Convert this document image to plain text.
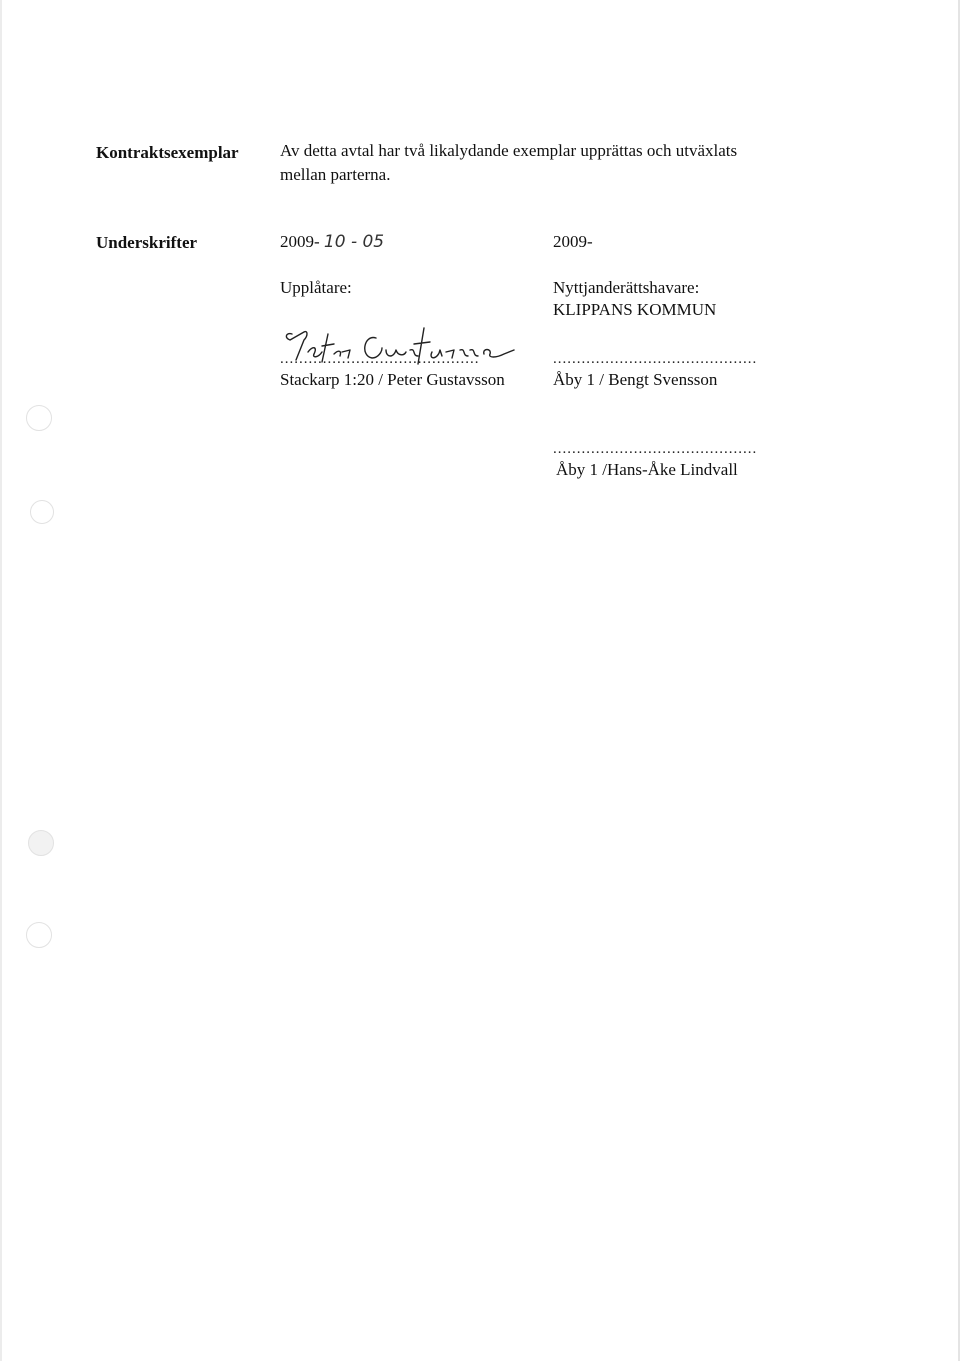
Kontraktsexemplar Av detta avtal har två likalydande exemplar upprättas och utväxlats
mellan parterna.
Underskrifter	2009- 10 - 05
Upplåtare:
..........................................
Stackarp 1:20 / Peter Gustavsson
2009-
Nyttjanderättshavare:
KLIPPANS KOMMUN
...........................................
Åby 1 / Bengt Svensson
...........................................
Åby 1 /Hans-Åke Lindvall
